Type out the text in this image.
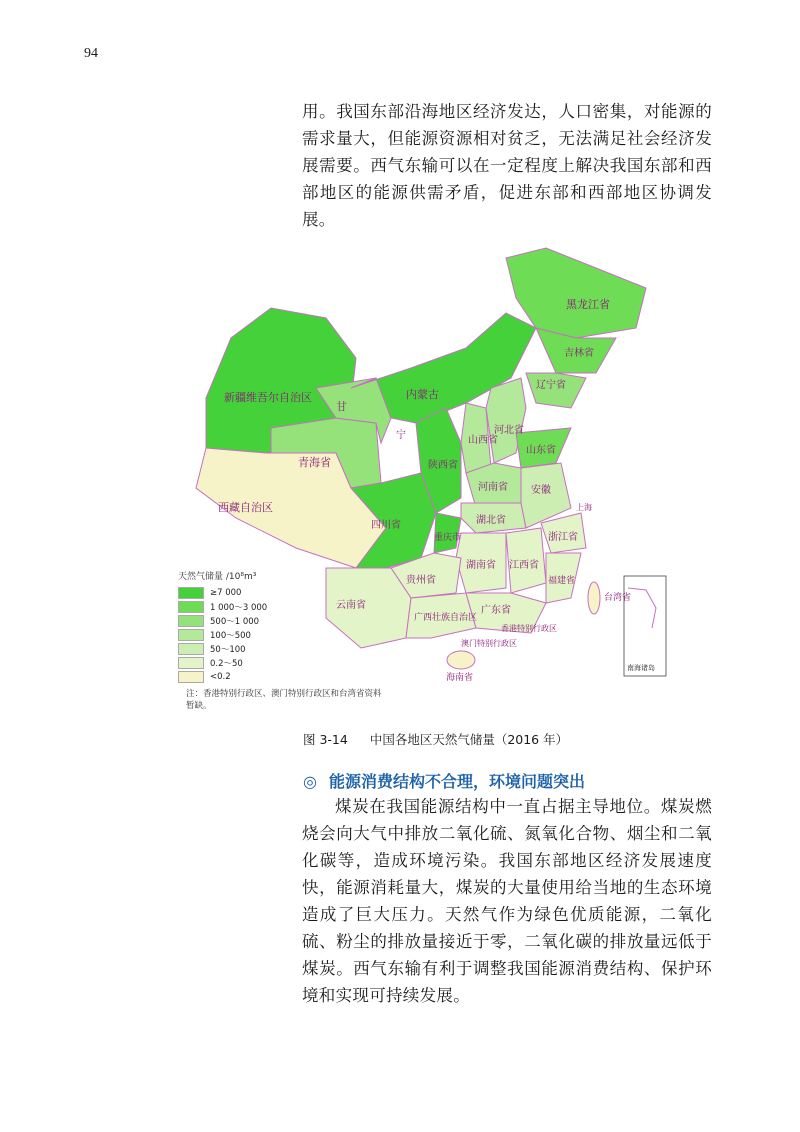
94
用。我国东部沿海地区经济发达，人口密集，对能源的需求量大，但能源资源相对贫乏，无法满足社会经济发展需要。西气东输可以在一定程度上解决我国东部和西部地区的能源供需矛盾，促进东部和西部地区协调发展。
新疆维吾尔自治区
西藏自治区
青海省
甘
内蒙古
黑龙江省
吉林省
辽宁省
河北省
山西省
山东省
河南省
陕西省
四川省
重庆市
湖北省
安徽
浙江省
湖南省 江西省
福建省
贵州省
云南省
广西壮族自治区
广东省
海南省
台湾省
香港特别行政区
澳门特别行政区
宁
上海
南海诸岛
天然气储量 /10⁸m³
≥7 000
1 000～3 000
500～1 000
100～500
50～100
0.2～50
<0.2
注：香港特别行政区、澳门特别行政区和台湾省资料暂缺。
图 3-14 中国各地区天然气储量（2016 年）
◎ 能源消费结构不合理，环境问题突出
煤炭在我国能源结构中一直占据主导地位。煤炭燃烧会向大气中排放二氧化硫、氮氧化合物、烟尘和二氧化碳等，造成环境污染。我国东部地区经济发展速度快，能源消耗量大，煤炭的大量使用给当地的生态环境造成了巨大压力。天然气作为绿色优质能源，二氧化硫、粉尘的排放量接近于零，二氧化碳的排放量远低于煤炭。西气东输有利于调整我国能源消费结构、保护环境和实现可持续发展。
